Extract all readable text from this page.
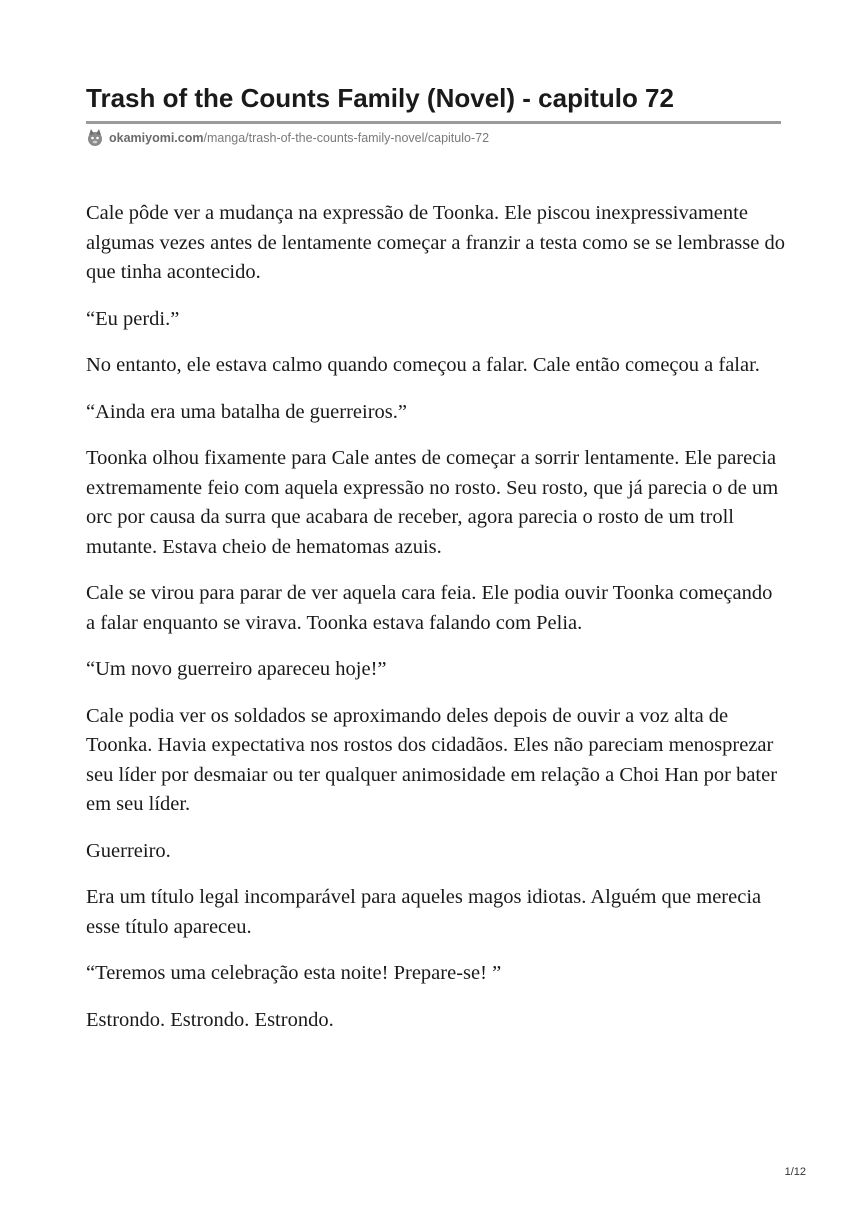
Trash of the Counts Family (Novel) - capitulo 72
okamiyomi.com /manga/trash-of-the-counts-family-novel/capitulo-72

Cale pôde ver a mudança na expressão de Toonka. Ele piscou inexpressivamente algumas vezes antes de lentamente começar a franzir a testa como se se lembrasse do que tinha acontecido.

“Eu perdi.”

No entanto, ele estava calmo quando começou a falar. Cale então começou a falar.

“Ainda era uma batalha de guerreiros.”

Toonka olhou fixamente para Cale antes de começar a sorrir lentamente. Ele parecia extremamente feio com aquela expressão no rosto. Seu rosto, que já parecia o de um orc por causa da surra que acabara de receber, agora parecia o rosto de um troll mutante. Estava cheio de hematomas azuis.

Cale se virou para parar de ver aquela cara feia. Ele podia ouvir Toonka começando a falar enquanto se virava. Toonka estava falando com Pelia.

“Um novo guerreiro apareceu hoje!”

Cale podia ver os soldados se aproximando deles depois de ouvir a voz alta de Toonka. Havia expectativa nos rostos dos cidadãos. Eles não pareciam menosprezar seu líder por desmaiar ou ter qualquer animosidade em relação a Choi Han por bater em seu líder.

Guerreiro.

Era um título legal incomparável para aqueles magos idiotas. Alguém que merecia esse título apareceu.

“Teremos uma celebração esta noite! Prepare-se! ”

Estrondo. Estrondo. Estrondo.

1/12
